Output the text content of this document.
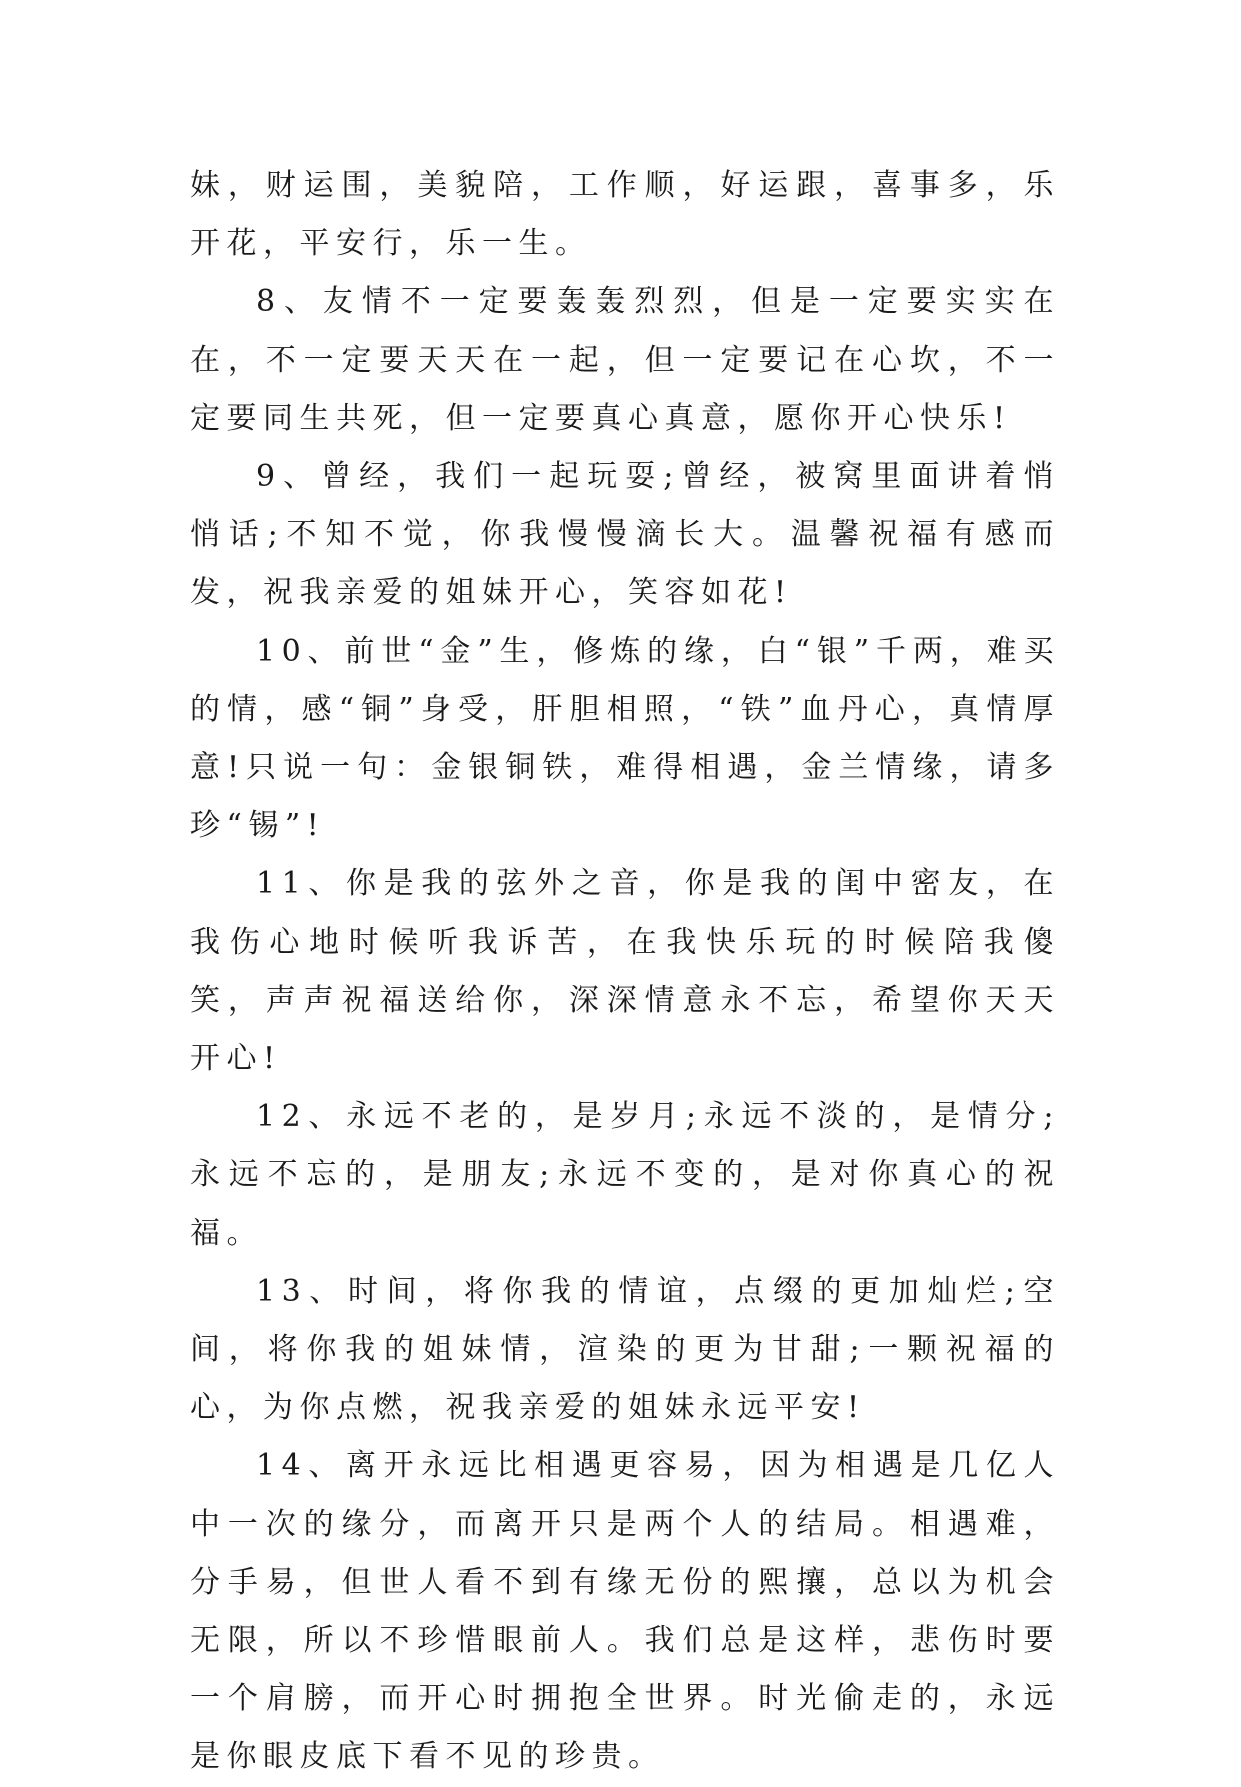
妹，财运围，美貌陪，工作顺，好运跟，喜事多，乐开花，平安行，乐一生。

8、友情不一定要轰轰烈烈，但是一定要实实在在，不一定要天天在一起，但一定要记在心坎，不一定要同生共死，但一定要真心真意，愿你开心快乐!

9、曾经，我们一起玩耍;曾经，被窝里面讲着悄悄话;不知不觉，你我慢慢滴长大。温馨祝福有感而发，祝我亲爱的姐妹开心，笑容如花!

10、前世“金”生，修炼的缘，白“银”千两，难买的情，感“铜”身受，肝胆相照，“铁”血丹心，真情厚意!只说一句：金银铜铁，难得相遇，金兰情缘，请多珍“锡”!

11、你是我的弦外之音，你是我的闺中密友，在我伤心地时候听我诉苦，在我快乐玩的时候陪我傻笑，声声祝福送给你，深深情意永不忘，希望你天天开心!

12、永远不老的，是岁月;永远不淡的，是情分;永远不忘的，是朋友;永远不变的，是对你真心的祝福。

13、时间，将你我的情谊，点缀的更加灿烂;空间，将你我的姐妹情，渲染的更为甘甜;一颗祝福的心，为你点燃，祝我亲爱的姐妹永远平安!

14、离开永远比相遇更容易，因为相遇是几亿人中一次的缘分，而离开只是两个人的结局。相遇难，分手易，但世人看不到有缘无份的熙攘，总以为机会无限，所以不珍惜眼前人。我们总是这样，悲伤时要一个肩膀，而开心时拥抱全世界。时光偷走的，永远是你眼皮底下看不见的珍贵。
